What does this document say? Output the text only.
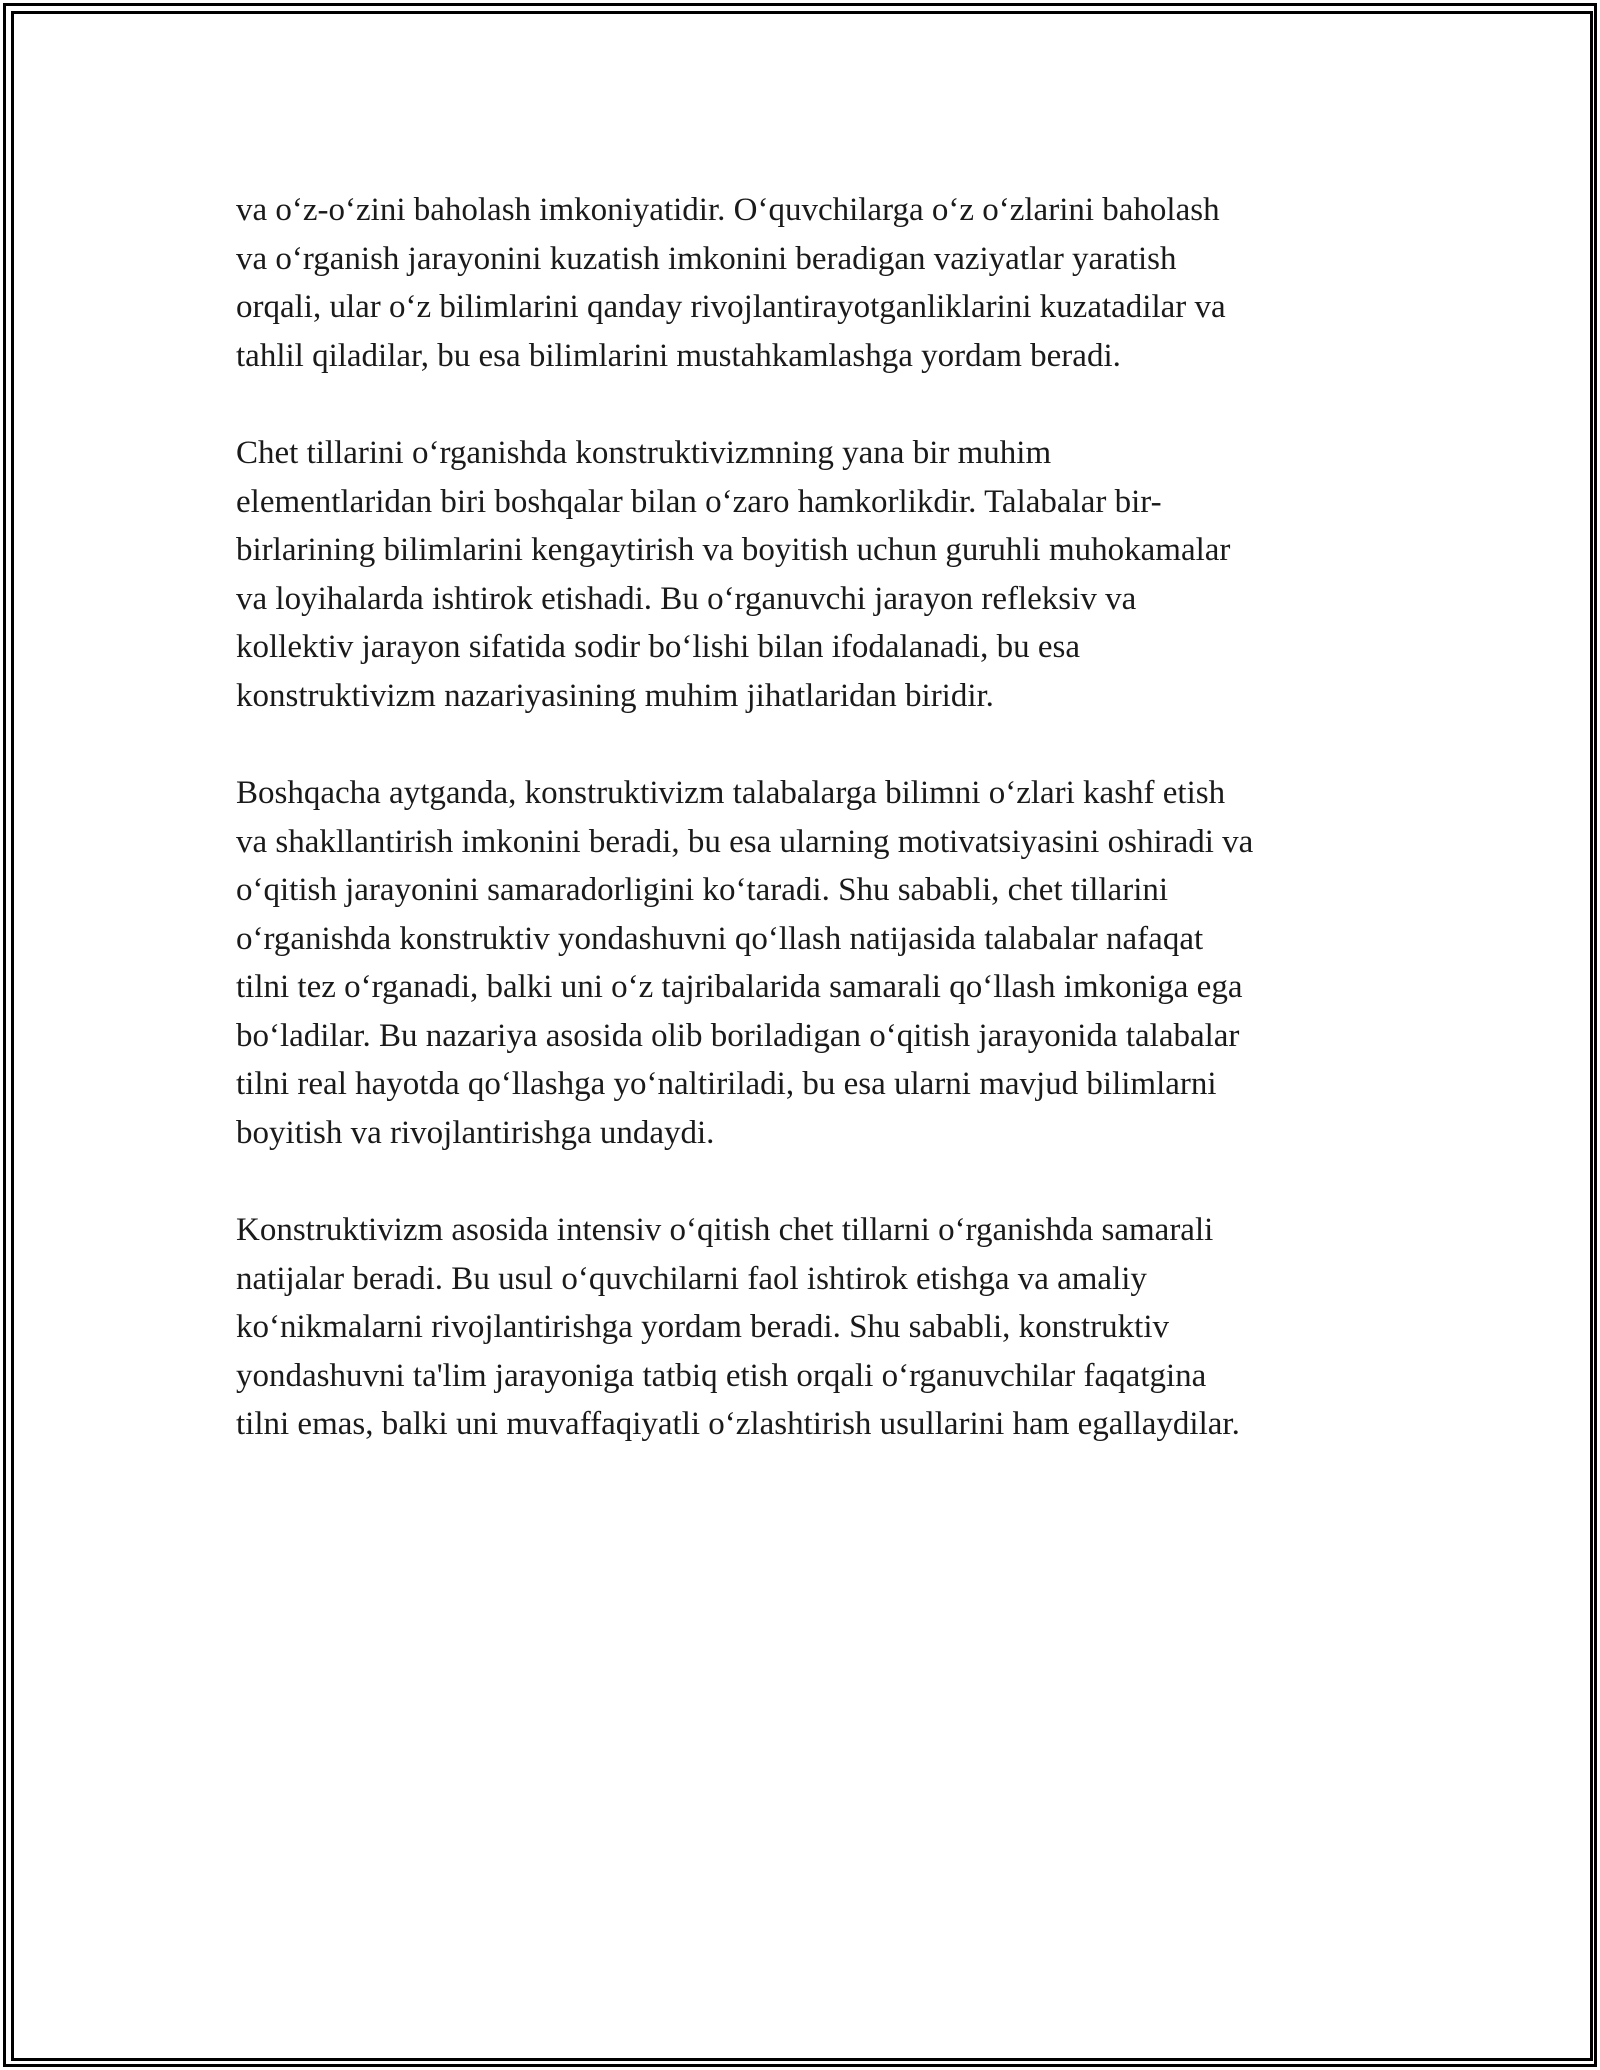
va o‘z-o‘zini baholash imkoniyatidir. O‘quvchilarga o‘z o‘zlarini baholash
va o‘rganish jarayonini kuzatish imkonini beradigan vaziyatlar yaratish
orqali, ular o‘z bilimlarini qanday rivojlantirayotganliklarini kuzatadilar va
tahlil qiladilar, bu esa bilimlarini mustahkamlashga yordam beradi.
Chet tillarini o‘rganishda konstruktivizmning yana bir muhim
elementlaridan biri boshqalar bilan o‘zaro hamkorlikdir. Talabalar bir-
birlarining bilimlarini kengaytirish va boyitish uchun guruhli muhokamalar
va loyihalarda ishtirok etishadi. Bu o‘rganuvchi jarayon refleksiv va
kollektiv jarayon sifatida sodir bo‘lishi bilan ifodalanadi, bu esa
konstruktivizm nazariyasining muhim jihatlaridan biridir.
Boshqacha aytganda, konstruktivizm talabalarga bilimni o‘zlari kashf etish
va shakllantirish imkonini beradi, bu esa ularning motivatsiyasini oshiradi va
o‘qitish jarayonini samaradorligini ko‘taradi. Shu sababli, chet tillarini
o‘rganishda konstruktiv yondashuvni qo‘llash natijasida talabalar nafaqat
tilni tez o‘rganadi, balki uni o‘z tajribalarida samarali qo‘llash imkoniga ega
bo‘ladilar. Bu nazariya asosida olib boriladigan o‘qitish jarayonida talabalar
tilni real hayotda qo‘llashga yo‘naltiriladi, bu esa ularni mavjud bilimlarni
boyitish va rivojlantirishga undaydi.
Konstruktivizm asosida intensiv o‘qitish chet tillarni o‘rganishda samarali
natijalar beradi. Bu usul o‘quvchilarni faol ishtirok etishga va amaliy
ko‘nikmalarni rivojlantirishga yordam beradi. Shu sababli, konstruktiv
yondashuvni ta'lim jarayoniga tatbiq etish orqali o‘rganuvchilar faqatgina
tilni emas, balki uni muvaffaqiyatli o‘zlashtirish usullarini ham egallaydilar.
